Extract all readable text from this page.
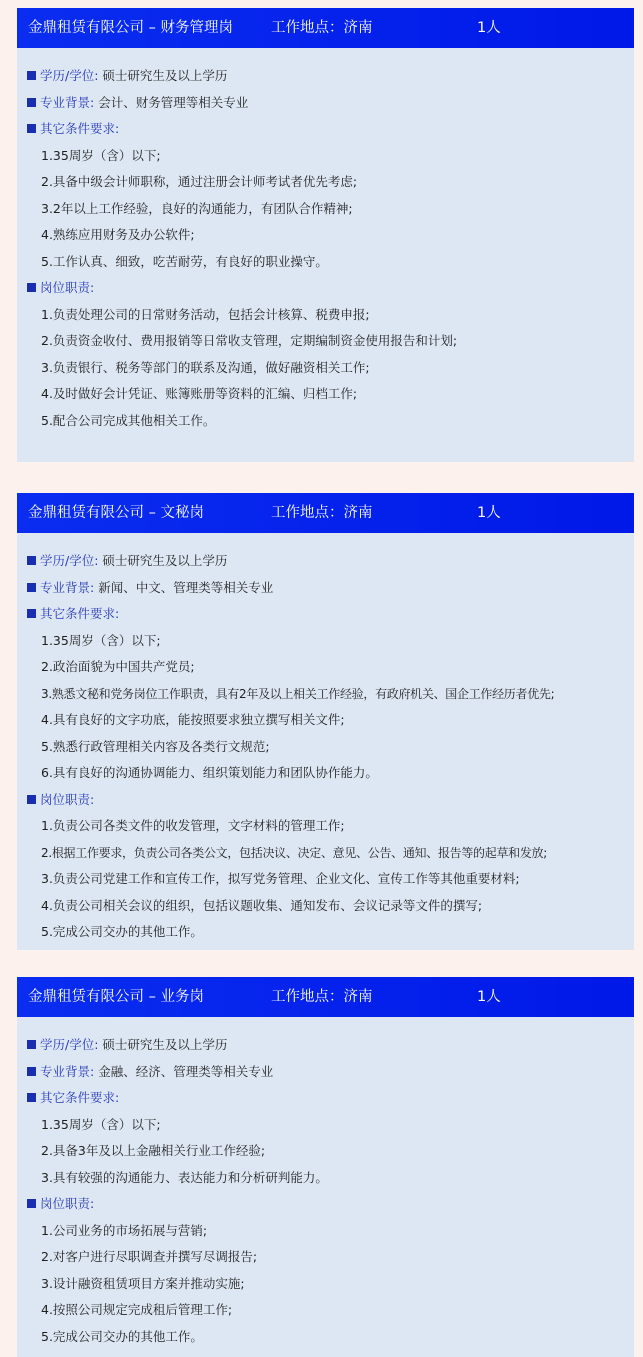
金鼎租赁有限公司 – 财务管理岗	工作地点：济南	1人
学历/学位: 硕士研究生及以上学历
专业背景: 会计、财务管理等相关专业
其它条件要求:
1.35周岁（含）以下;
2.具备中级会计师职称，通过注册会计师考试者优先考虑;
3.2年以上工作经验，良好的沟通能力，有团队合作精神;
4.熟练应用财务及办公软件;
5.工作认真、细致，吃苦耐劳，有良好的职业操守。
岗位职责:
1.负责处理公司的日常财务活动，包括会计核算、税费申报;
2.负责资金收付、费用报销等日常收支管理，定期编制资金使用报告和计划;
3.负责银行、税务等部门的联系及沟通，做好融资相关工作;
4.及时做好会计凭证、账簿账册等资料的汇编、归档工作;
5.配合公司完成其他相关工作。
金鼎租赁有限公司 – 文秘岗	工作地点：济南	1人
学历/学位: 硕士研究生及以上学历
专业背景: 新闻、中文、管理类等相关专业
其它条件要求:
1.35周岁（含）以下;
2.政治面貌为中国共产党员;
3.熟悉文秘和党务岗位工作职责，具有2年及以上相关工作经验，有政府机关、国企工作经历者优先;
4.具有良好的文字功底，能按照要求独立撰写相关文件;
5.熟悉行政管理相关内容及各类行文规范;
6.具有良好的沟通协调能力、组织策划能力和团队协作能力。
岗位职责:
1.负责公司各类文件的收发管理，文字材料的管理工作;
2.根据工作要求，负责公司各类公文，包括决议、决定、意见、公告、通知、报告等的起草和发放;
3.负责公司党建工作和宣传工作，拟写党务管理、企业文化、宣传工作等其他重要材料;
4.负责公司相关会议的组织，包括议题收集、通知发布、会议记录等文件的撰写;
5.完成公司交办的其他工作。
金鼎租赁有限公司 – 业务岗	工作地点：济南	1人
学历/学位: 硕士研究生及以上学历
专业背景: 金融、经济、管理类等相关专业
其它条件要求:
1.35周岁（含）以下;
2.具备3年及以上金融相关行业工作经验;
3.具有较强的沟通能力、表达能力和分析研判能力。
岗位职责:
1.公司业务的市场拓展与营销;
2.对客户进行尽职调查并撰写尽调报告;
3.设计融资租赁项目方案并推动实施;
4.按照公司规定完成租后管理工作;
5.完成公司交办的其他工作。
